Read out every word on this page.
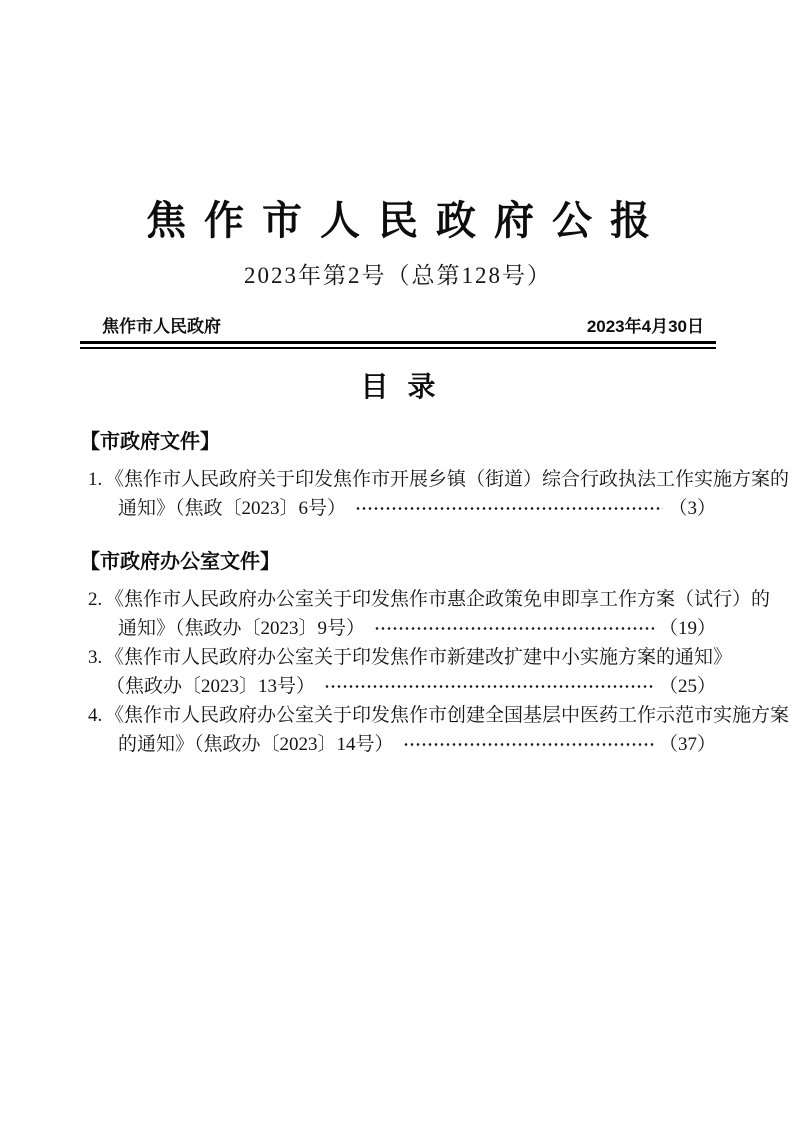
焦作市人民政府公报
2023年第2号（总第128号）
焦作市人民政府	2023年4月30日
目 录
【市政府文件】
1. 《焦作市人民政府关于印发焦作市开展乡镇（街道）综合行政执法工作实施方案的
通知》（焦政〔2023〕6号）	（3）
【市政府办公室文件】
2. 《焦作市人民政府办公室关于印发焦作市惠企政策免申即享工作方案（试行）的
通知》（焦政办〔2023〕9号）	（19）
3. 《焦作市人民政府办公室关于印发焦作市新建改扩建中小实施方案的通知》
（焦政办〔2023〕13号）	（25）
4. 《焦作市人民政府办公室关于印发焦作市创建全国基层中医药工作示范市实施方案
的通知》（焦政办〔2023〕14号）	（37）
